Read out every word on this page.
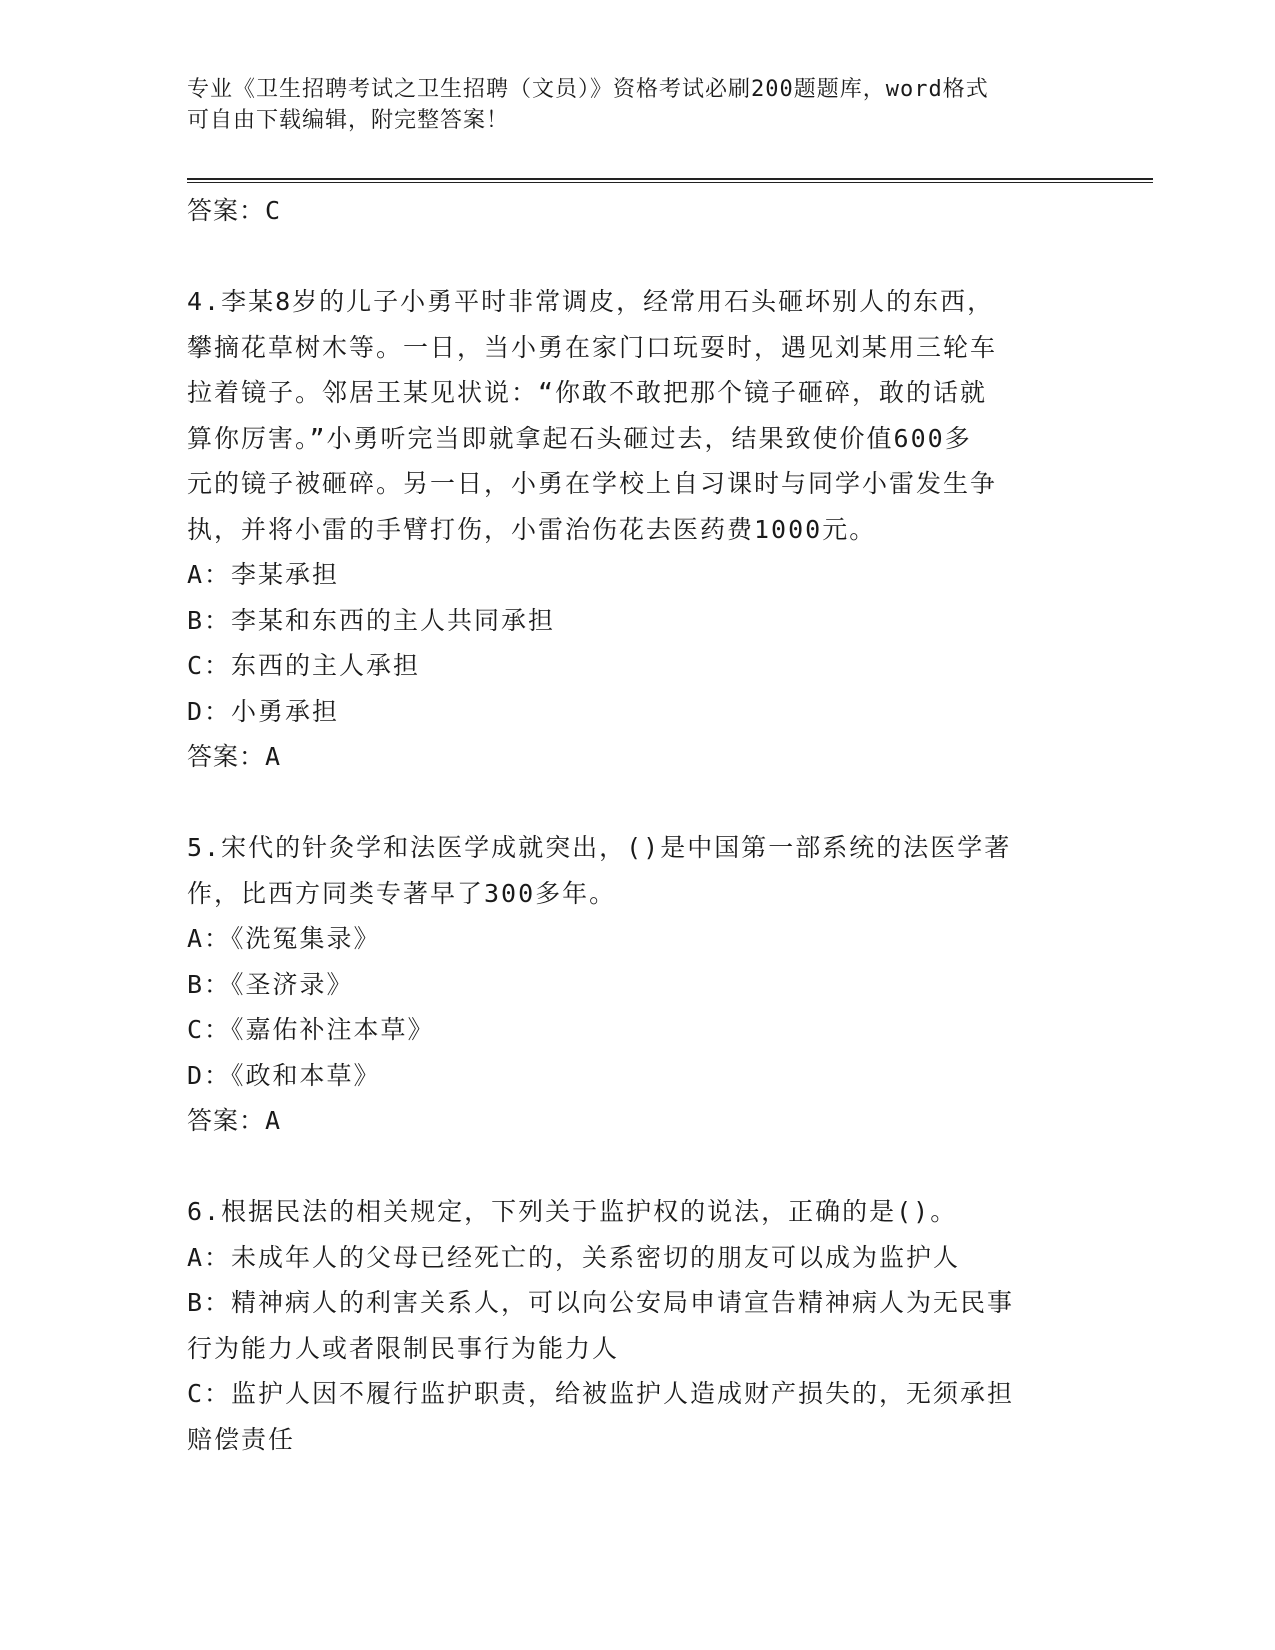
专业《卫生招聘考试之卫生招聘（文员）》资格考试必刷200题题库，word格式
可自由下载编辑，附完整答案！
答案：C
4.李某8岁的儿子小勇平时非常调皮，经常用石头砸坏别人的东西，
攀摘花草树木等。一日，当小勇在家门口玩耍时，遇见刘某用三轮车
拉着镜子。邻居王某见状说：“你敢不敢把那个镜子砸碎，敢的话就
算你厉害。”小勇听完当即就拿起石头砸过去，结果致使价值600多
元的镜子被砸碎。另一日，小勇在学校上自习课时与同学小雷发生争
执，并将小雷的手臂打伤，小雷治伤花去医药费1000元。
A：李某承担
B：李某和东西的主人共同承担
C：东西的主人承担
D：小勇承担
答案：A
5.宋代的针灸学和法医学成就突出，()是中国第一部系统的法医学著
作，比西方同类专著早了300多年。
A：《洗冤集录》
B：《圣济录》
C：《嘉佑补注本草》
D：《政和本草》
答案：A
6.根据民法的相关规定，下列关于监护权的说法，正确的是()。
A：未成年人的父母已经死亡的，关系密切的朋友可以成为监护人
B：精神病人的利害关系人，可以向公安局申请宣告精神病人为无民事
行为能力人或者限制民事行为能力人
C：监护人因不履行监护职责，给被监护人造成财产损失的，无须承担
赔偿责任
